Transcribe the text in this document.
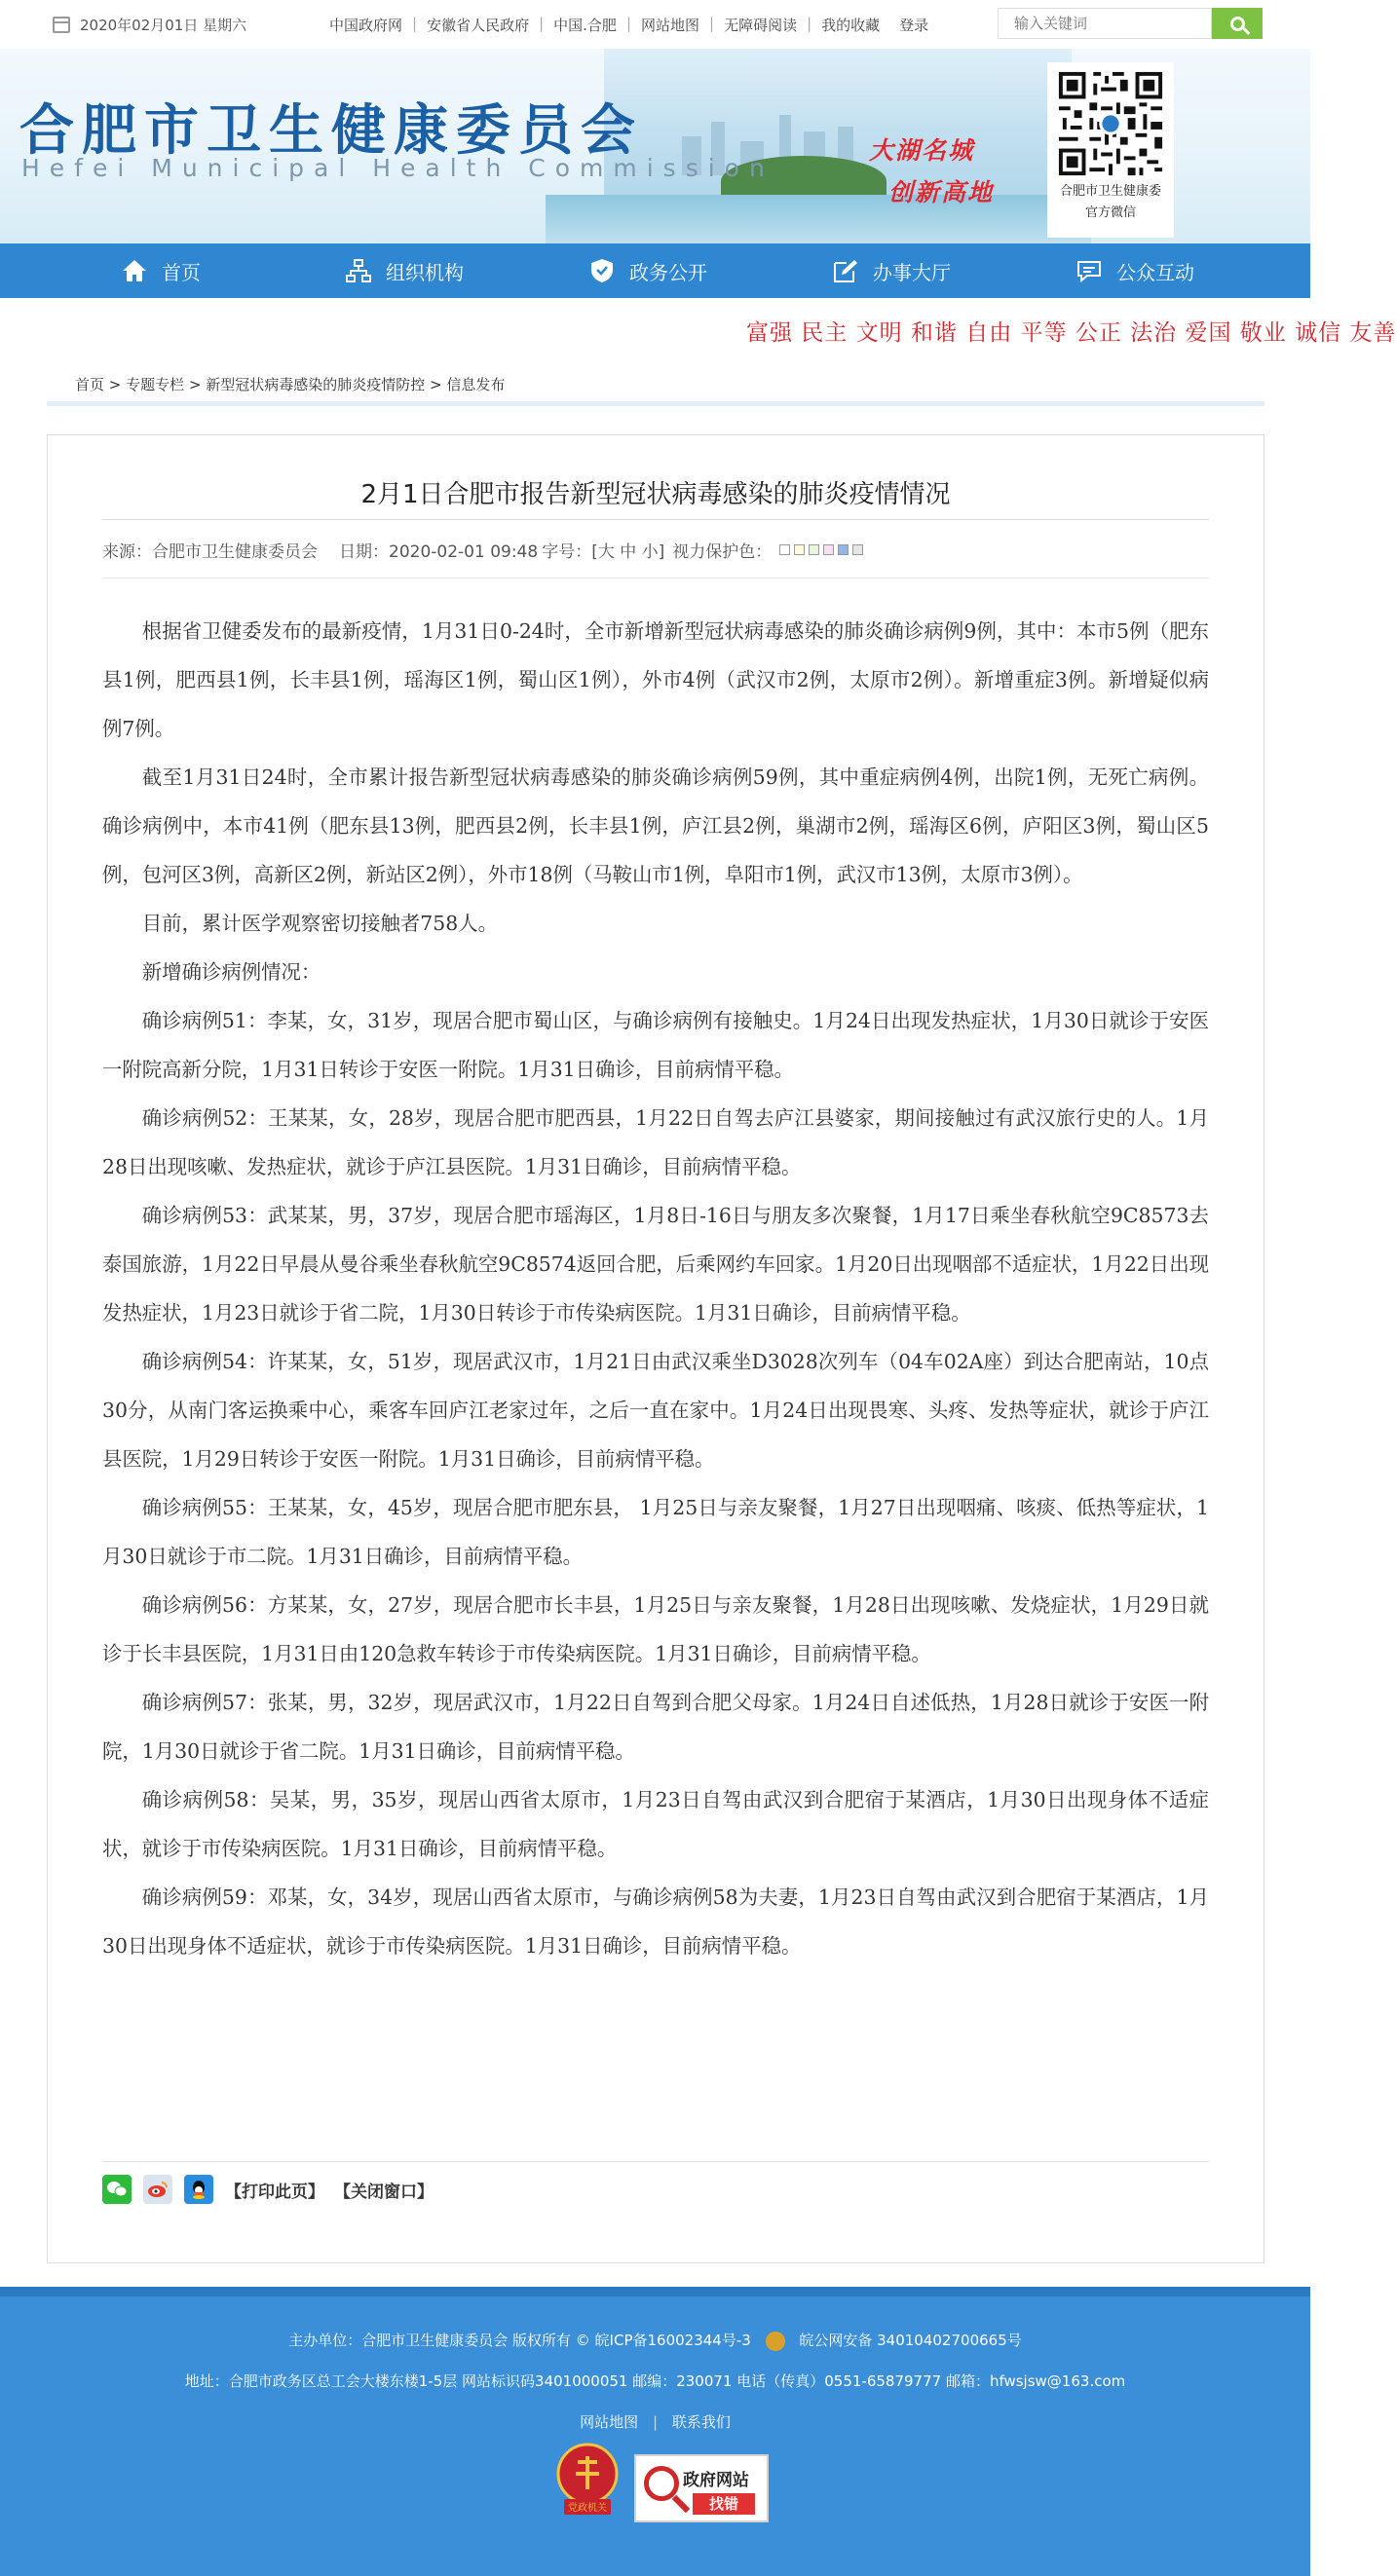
2020年02月01日 星期六	中国政府网 | 安徽省人民政府 | 中国.合肥 | 网站地图 | 无障碍阅读 | 我的收藏	登录
输入关键词
合肥市卫生健康委员会
Hefei Municipal Health Commission
大湖名城
创新高地	合肥市卫生健康委
官方微信
首页	组织机构	政务公开	办事大厅	公众互动
富强 民主 文明 和谐 自由 平等 公正 法治 爱国 敬业 诚信 友善
首页 > 专题专栏 > 新型冠状病毒感染的肺炎疫情防控 > 信息发布
2月1日合肥市报告新型冠状病毒感染的肺炎疫情情况
来源：合肥市卫生健康委员会 日期：2020-02-01 09:48 字号：[大 中 小] 视力保护色：

根据省卫健委发布的最新疫情，1月31日0-24时，全市新增新型冠状病毒感染的肺炎确诊病例9例，其中：本市5例（肥东县1例，肥西县1例，长丰县1例，瑶海区1例，蜀山区1例），外市4例（武汉市2例，太原市2例）。新增重症3例。新增疑似病例7例。

截至1月31日24时，全市累计报告新型冠状病毒感染的肺炎确诊病例59例，其中重症病例4例，出院1例，无死亡病例。确诊病例中，本市41例（肥东县13例，肥西县2例，长丰县1例，庐江县2例，巢湖市2例，瑶海区6例，庐阳区3例，蜀山区5例，包河区3例，高新区2例，新站区2例），外市18例（马鞍山市1例，阜阳市1例，武汉市13例，太原市3例）。

目前，累计医学观察密切接触者758人。

新增确诊病例情况：

确诊病例51：李某，女，31岁，现居合肥市蜀山区，与确诊病例有接触史。1月24日出现发热症状，1月30日就诊于安医一附院高新分院，1月31日转诊于安医一附院。1月31日确诊，目前病情平稳。

确诊病例52：王某某，女，28岁，现居合肥市肥西县，1月22日自驾去庐江县婆家，期间接触过有武汉旅行史的人。1月28日出现咳嗽、发热症状，就诊于庐江县医院。1月31日确诊，目前病情平稳。

确诊病例53：武某某，男，37岁，现居合肥市瑶海区，1月8日-16日与朋友多次聚餐，1月17日乘坐春秋航空9C8573去泰国旅游，1月22日早晨从曼谷乘坐春秋航空9C8574返回合肥，后乘网约车回家。1月20日出现咽部不适症状，1月22日出现发热症状，1月23日就诊于省二院，1月30日转诊于市传染病医院。1月31日确诊，目前病情平稳。

确诊病例54：许某某，女，51岁，现居武汉市，1月21日由武汉乘坐D3028次列车（04车02A座）到达合肥南站，10点30分，从南门客运换乘中心，乘客车回庐江老家过年，之后一直在家中。1月24日出现畏寒、头疼、发热等症状，就诊于庐江县医院，1月29日转诊于安医一附院。1月31日确诊，目前病情平稳。

确诊病例55：王某某，女，45岁，现居合肥市肥东县， 1月25日与亲友聚餐，1月27日出现咽痛、咳痰、低热等症状，1月30日就诊于市二院。1月31日确诊，目前病情平稳。

确诊病例56：方某某，女，27岁，现居合肥市长丰县，1月25日与亲友聚餐，1月28日出现咳嗽、发烧症状，1月29日就诊于长丰县医院，1月31日由120急救车转诊于市传染病医院。1月31日确诊，目前病情平稳。

确诊病例57：张某，男，32岁，现居武汉市，1月22日自驾到合肥父母家。1月24日自述低热，1月28日就诊于安医一附院，1月30日就诊于省二院。1月31日确诊，目前病情平稳。

确诊病例58：吴某，男，35岁，现居山西省太原市，1月23日自驾由武汉到合肥宿于某酒店，1月30日出现身体不适症状，就诊于市传染病医院。1月31日确诊，目前病情平稳。

确诊病例59：邓某，女，34岁，现居山西省太原市，与确诊病例58为夫妻，1月23日自驾由武汉到合肥宿于某酒店，1月30日出现身体不适症状，就诊于市传染病医院。1月31日确诊，目前病情平稳。

【打印此页】 【关闭窗口】
主办单位：合肥市卫生健康委员会 版权所有 © 皖ICP备16002344号-3	皖公网安备 34010402700665号
地址：合肥市政务区总工会大楼东楼1-5层 网站标识码3401000051 邮编：230071 电话（传真）0551-65879777 邮箱：hfwsjsw@163.com
网站地图 | 联系我们
党政机关
政府网站
找错
